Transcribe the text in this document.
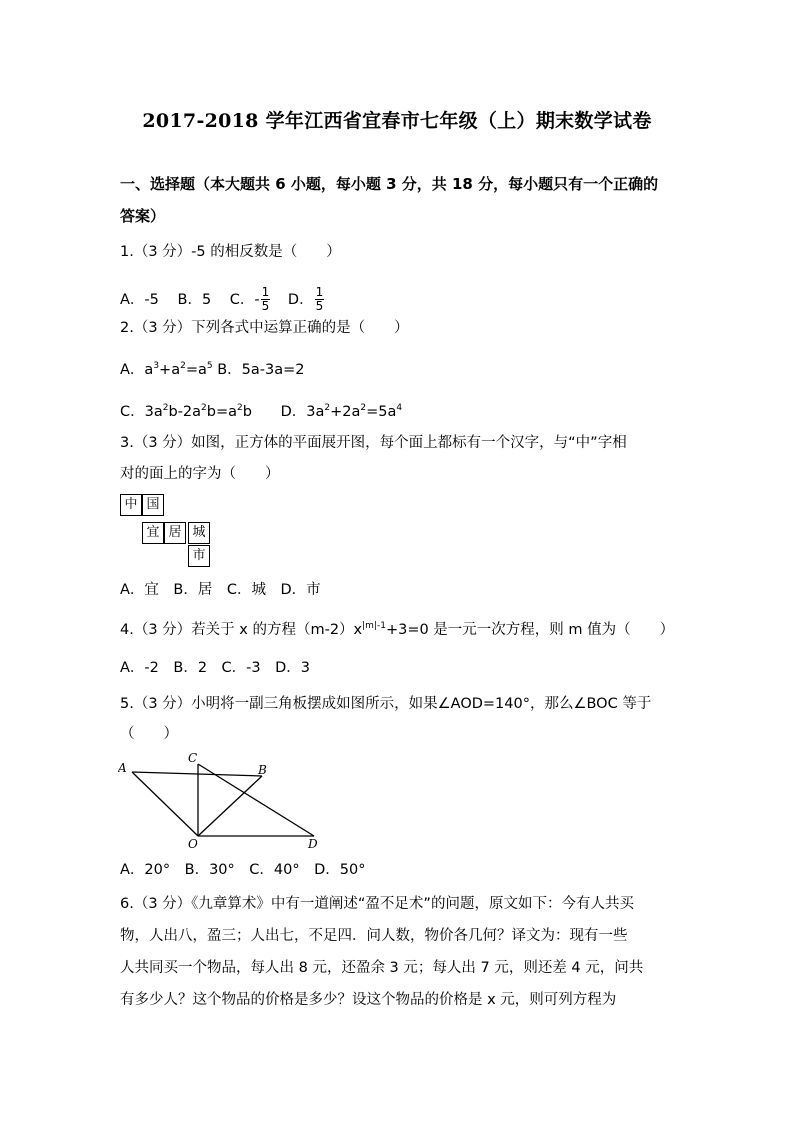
2017-2018 学年江西省宜春市七年级（上）期末数学试卷
一、选择题（本大题共 6 小题，每小题 3 分，共 18 分，每小题只有一个正确的
答案）
1.（3 分）-5 的相反数是（　　）
A．-5 B．5 C．- $\frac{1}{5}$ D． $\frac{1}{5}$
2.（3 分）下列各式中运算正确的是（　　）
A．$a^3+a^2=a^5$ B．5a-3a=2
C．$3a^2b-2a^2b=a^2b$ D．$3a^2+2a^2=5a^4$
3.（3 分）如图，正方体的平面展开图，每个面上都标有一个汉字，与“中”字相
对的面上的字为（　　）
中 国
宜 居 城
市
A．宜　B．居　C．城　D．市
4.（3 分）若关于 x 的方程$(m-2)x^{|m|-1}+3=0$ 是一元一次方程，则 m 值为（　　）
A．-2　B．2　C．-3　D．3
5.（3 分）小明将一副三角板摆成如图所示，如果∠AOD=140°，那么∠BOC 等于
（　　）
A	B
C
D
O
A．20°　B．30°　C．40°　D．50°
6.（3 分）《九章算术》中有一道阐述“盈不足术”的问题，原文如下：今有人共买
物，人出八，盈三；人出七，不足四．问人数，物价各几何？译文为：现有一些
人共同买一个物品，每人出 8 元，还盈余 3 元；每人出 7 元，则还差 4 元，问共
有多少人？这个物品的价格是多少？设这个物品的价格是 x 元，则可列方程为
